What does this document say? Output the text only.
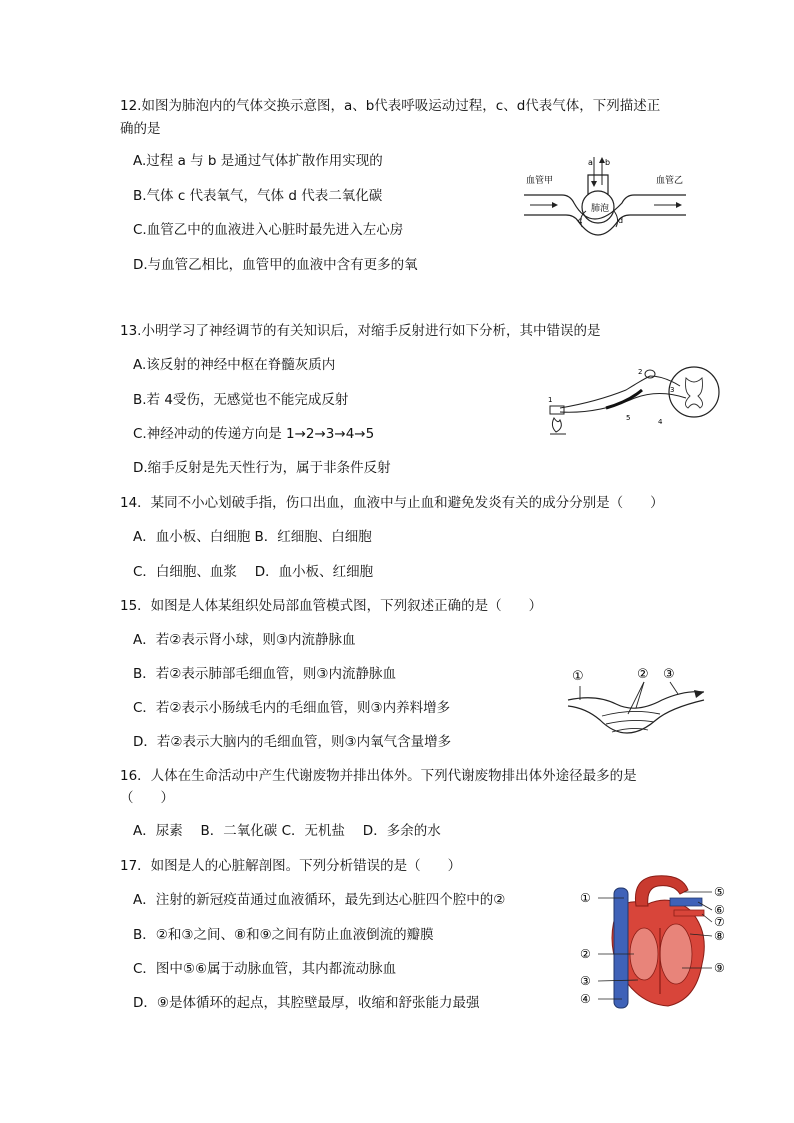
12.如图为肺泡内的气体交换示意图，a、b代表呼吸运动过程，c、d代表气体，下列描述正
确的是
A.过程 a 与 b 是通过气体扩散作用实现的
B.气体 c 代表氧气，气体 d 代表二氧化碳
C.血管乙中的血液进入心脏时最先进入左心房
D.与血管乙相比，血管甲的血液中含有更多的氧
肺泡
血管甲	血管乙
a b
c	d
13.小明学习了神经调节的有关知识后，对缩手反射进行如下分析，其中错误的是
A.该反射的神经中枢在脊髓灰质内
B.若 4受伤，无感觉也不能完成反射
C.神经冲动的传递方向是 1→2→3→4→5
D.缩手反射是先天性行为，属于非条件反射
1
2
3
4
5
14．某同不小心划破手指，伤口出血，血液中与止血和避免发炎有关的成分分别是（　　）
A．血小板、白细胞 B．红细胞、白细胞
C．白细胞、血浆　 D．血小板、红细胞
15．如图是人体某组织处局部血管模式图，下列叙述正确的是（　　）
A．若②表示肾小球，则③内流静脉血
B．若②表示肺部毛细血管，则③内流静脉血
C．若②表示小肠绒毛内的毛细血管，则③内养料增多
D．若②表示大脑内的毛细血管，则③内氧气含量增多
①	② ③
16．人体在生命活动中产生代谢废物并排出体外。下列代谢废物排出体外途径最多的是
（　　）
A．尿素　 B．二氧化碳 C．无机盐　 D．多余的水
17．如图是人的心脏解剖图。下列分析错误的是（　　）
A．注射的新冠疫苗通过血液循环，最先到达心脏四个腔中的②
B．②和③之间、⑧和⑨之间有防止血液倒流的瓣膜
C．图中⑤⑥属于动脉血管，其内都流动脉血
D．⑨是体循环的起点，其腔壁最厚，收缩和舒张能力最强
①
②
③
④
⑤
⑥
⑦
⑧
⑨
